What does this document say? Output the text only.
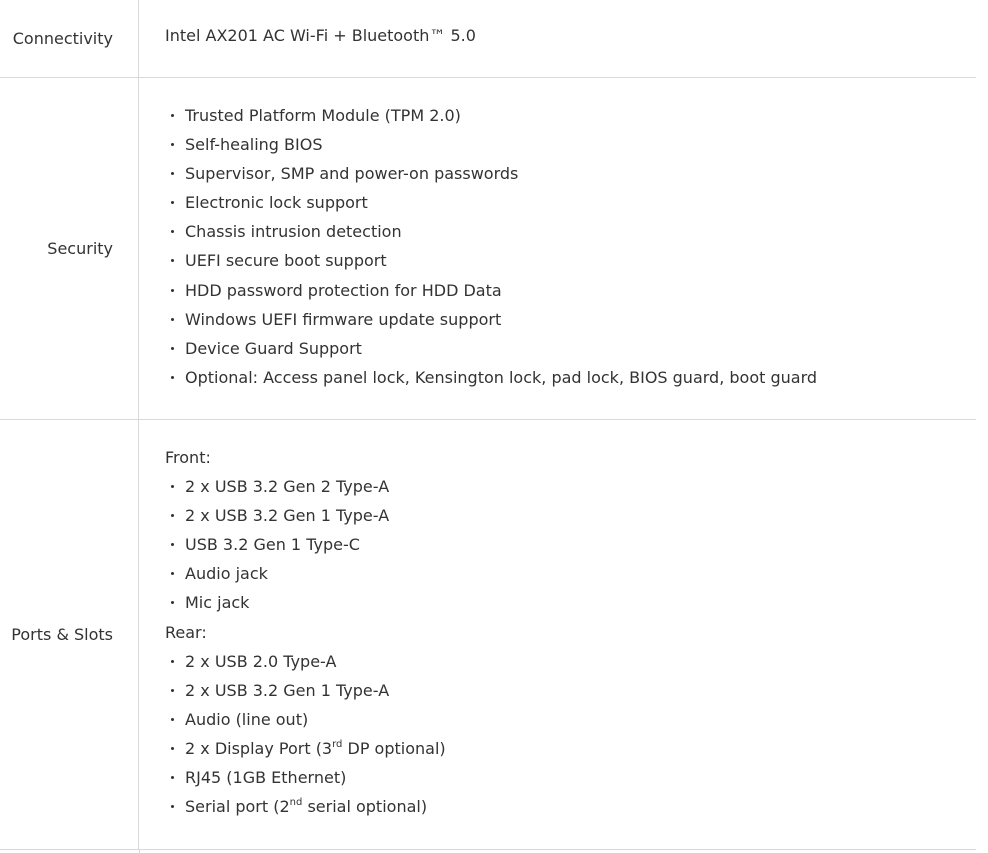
Connectivity	Intel AX201 AC Wi-Fi + Bluetooth™ 5.0
Security
Trusted Platform Module (TPM 2.0)
Self-healing BIOS
Supervisor, SMP and power-on passwords
Electronic lock support
Chassis intrusion detection
UEFI secure boot support
HDD password protection for HDD Data
Windows UEFI firmware update support
Device Guard Support
Optional: Access panel lock, Kensington lock, pad lock, BIOS guard, boot guard
Ports & Slots
Front:
2 x USB 3.2 Gen 2 Type-A
2 x USB 3.2 Gen 1 Type-A
USB 3.2 Gen 1 Type-C
Audio jack
Mic jack
Rear:
2 x USB 2.0 Type-A
2 x USB 3.2 Gen 1 Type-A
Audio (line out)
2 x Display Port (3rd DP optional)
RJ45 (1GB Ethernet)
Serial port (2nd serial optional)
